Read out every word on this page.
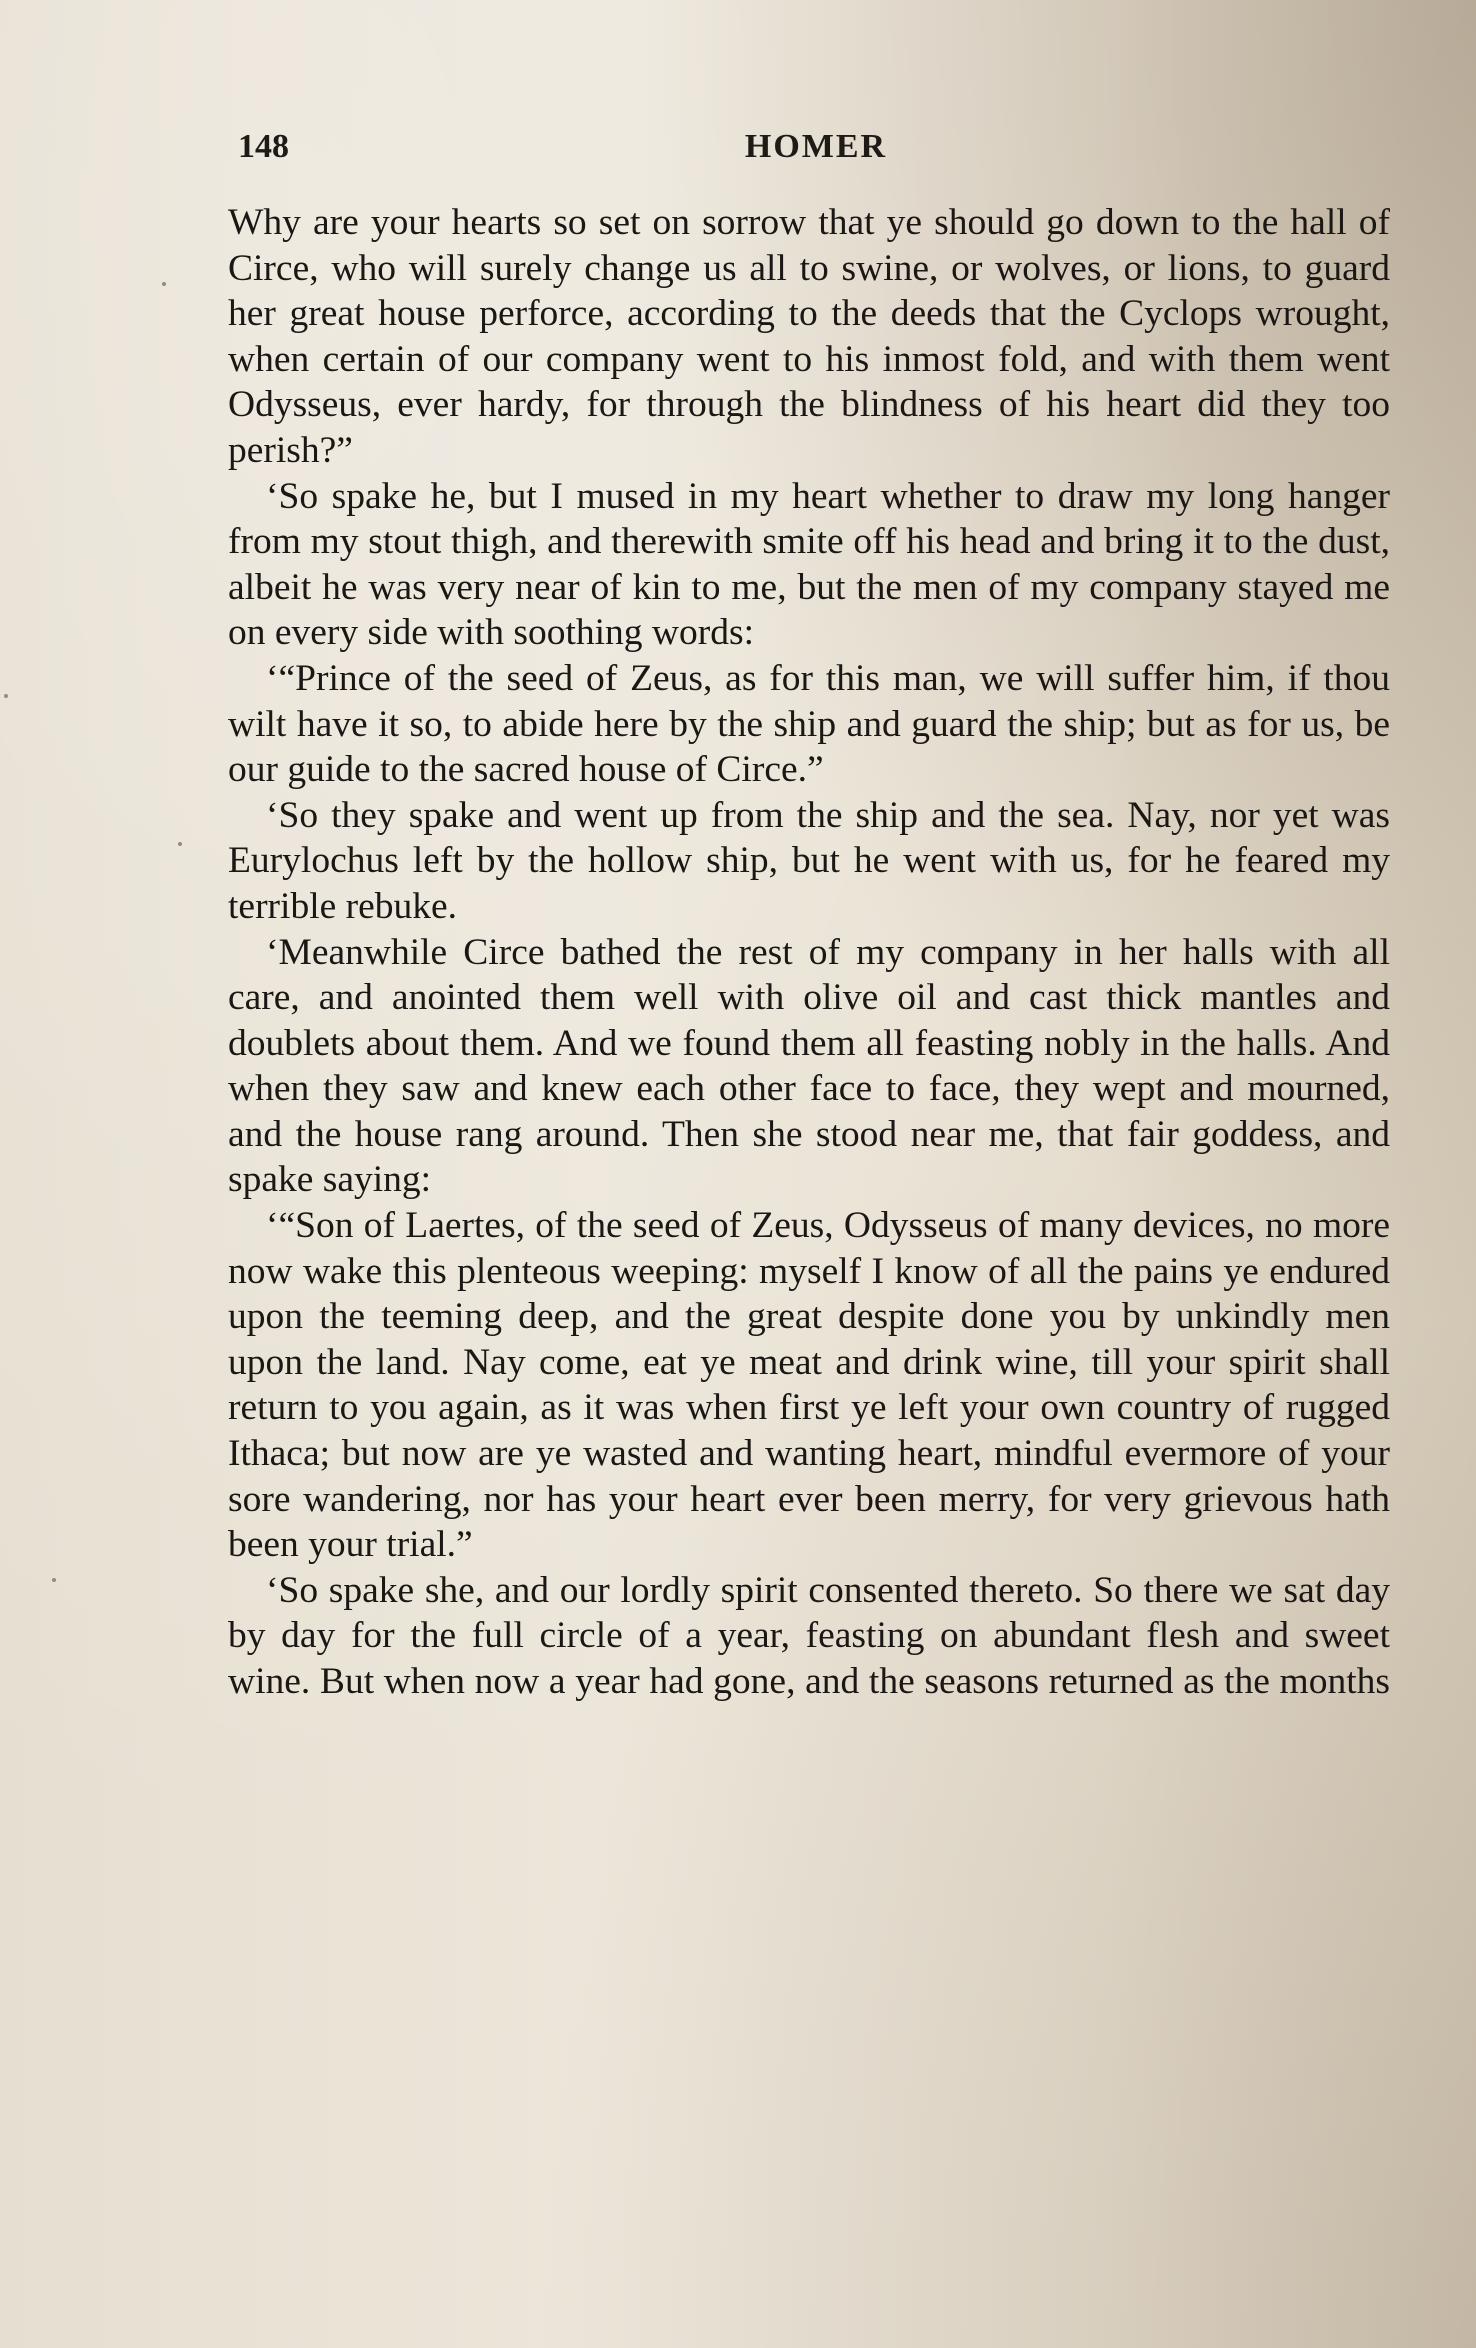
148	HOMER

Why are your hearts so set on sorrow that ye should go down to the hall of Circe, who will surely change us all to swine, or wolves, or lions, to guard her great house perforce, according to the deeds that the Cyclops wrought, when certain of our company went to his inmost fold, and with them went Odysseus, ever hardy, for through the blindness of his heart did they too perish?”

‘So spake he, but I mused in my heart whether to draw my long hanger from my stout thigh, and therewith smite off his head and bring it to the dust, albeit he was very near of kin to me, but the men of my company stayed me on every side with soothing words:

‘“Prince of the seed of Zeus, as for this man, we will suffer him, if thou wilt have it so, to abide here by the ship and guard the ship; but as for us, be our guide to the sacred house of Circe.”

‘So they spake and went up from the ship and the sea. Nay, nor yet was Eurylochus left by the hollow ship, but he went with us, for he feared my terrible rebuke.

‘Meanwhile Circe bathed the rest of my company in her halls with all care, and anointed them well with olive oil and cast thick mantles and doublets about them. And we found them all feasting nobly in the halls. And when they saw and knew each other face to face, they wept and mourned, and the house rang around. Then she stood near me, that fair goddess, and spake saying:

‘“Son of Laertes, of the seed of Zeus, Odysseus of many devices, no more now wake this plenteous weeping: myself I know of all the pains ye endured upon the teeming deep, and the great despite done you by unkindly men upon the land. Nay come, eat ye meat and drink wine, till your spirit shall return to you again, as it was when first ye left your own country of rugged Ithaca; but now are ye wasted and wanting heart, mindful evermore of your sore wandering, nor has your heart ever been merry, for very grievous hath been your trial.”

‘So spake she, and our lordly spirit consented thereto. So there we sat day by day for the full circle of a year, feasting on abundant flesh and sweet wine. But when now a year had gone, and the seasons returned as the months
